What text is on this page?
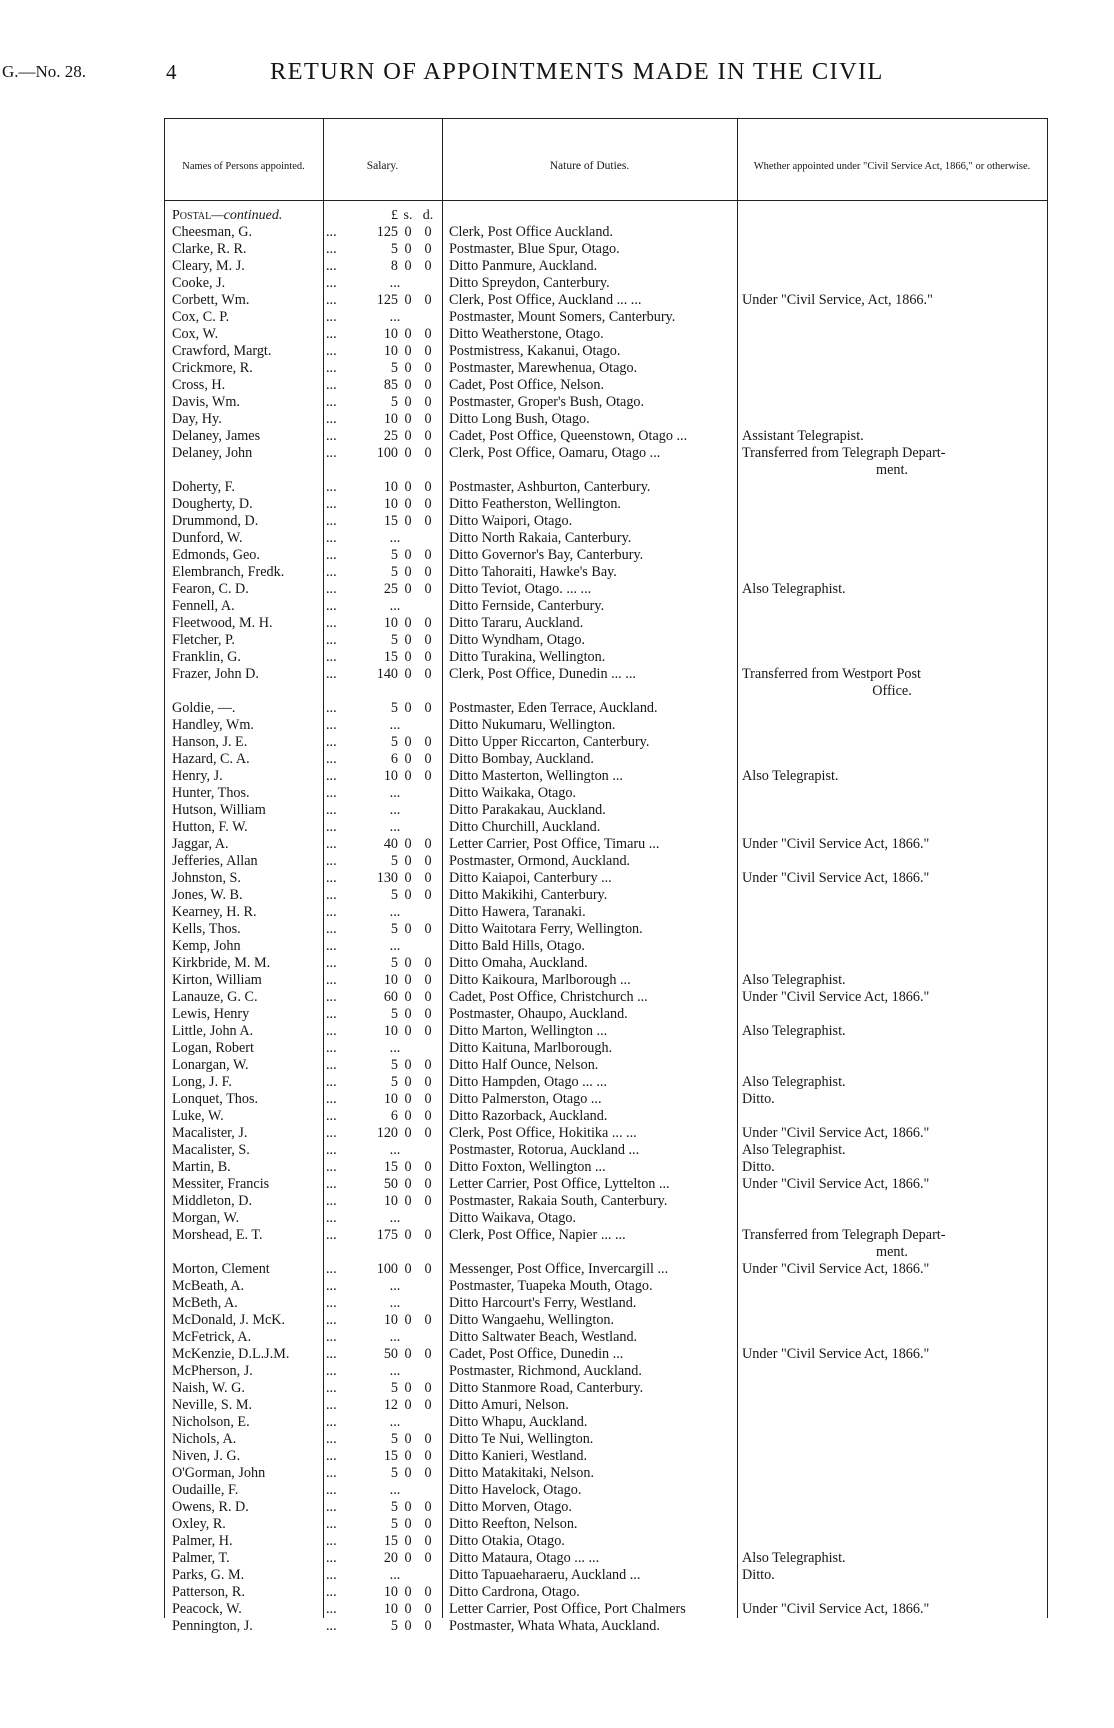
G.—No. 28.	4	RETURN OF APPOINTMENTS MADE IN THE CIVIL
Names of Persons appointed.	Salary.	Nature of Duties.	Whether appointed under "Civil Service Act, 1866," or otherwise.
Postal—continued.	£ s. d.
Cheesman, G.	...	125 0 0	Clerk, Post Office Auckland.
Clarke, R. R.	...	5 0 0	Postmaster, Blue Spur, Otago.
Cleary, M. J.	...	8 0 0	Ditto Panmure, Auckland.
Cooke, J.	...	...	Ditto Spreydon, Canterbury.
Corbett, Wm.	...	125 0 0	Clerk, Post Office, Auckland ... ...	Under "Civil Service, Act, 1866."
Cox, C. P.	...	...	Postmaster, Mount Somers, Canterbury.
Cox, W.	...	10 0 0	Ditto Weatherstone, Otago.
Crawford, Margt.	...	10 0 0	Postmistress, Kakanui, Otago.
Crickmore, R.	...	5 0 0	Postmaster, Marewhenua, Otago.
Cross, H.	...	85 0 0	Cadet, Post Office, Nelson.
Davis, Wm.	...	5 0 0	Postmaster, Groper's Bush, Otago.
Day, Hy.	...	10 0 0	Ditto Long Bush, Otago.
Delaney, James	...	25 0 0	Cadet, Post Office, Queenstown, Otago ...	Assistant Telegrapist.
Delaney, John	...	100 0 0	Clerk, Post Office, Oamaru, Otago ...	Transferred from Telegraph Depart-
ment.
Doherty, F.	...	10 0 0	Postmaster, Ashburton, Canterbury.
Dougherty, D.	...	10 0 0	Ditto Featherston, Wellington.
Drummond, D.	...	15 0 0	Ditto Waipori, Otago.
Dunford, W.	...	...	Ditto North Rakaia, Canterbury.
Edmonds, Geo.	...	5 0 0	Ditto Governor's Bay, Canterbury.
Elembranch, Fredk.	...	5 0 0	Ditto Tahoraiti, Hawke's Bay.
Fearon, C. D.	...	25 0 0	Ditto Teviot, Otago. ... ...	Also Telegraphist.
Fennell, A.	...	...	Ditto Fernside, Canterbury.
Fleetwood, M. H.	...	10 0 0	Ditto Tararu, Auckland.
Fletcher, P.	...	5 0 0	Ditto Wyndham, Otago.
Franklin, G.	...	15 0 0	Ditto Turakina, Wellington.
Frazer, John D.	...	140 0 0	Clerk, Post Office, Dunedin ... ...	Transferred from Westport Post
Office.
Goldie, —.	...	5 0 0	Postmaster, Eden Terrace, Auckland.
Handley, Wm.	...	...	Ditto Nukumaru, Wellington.
Hanson, J. E.	...	5 0 0	Ditto Upper Riccarton, Canterbury.
Hazard, C. A.	...	6 0 0	Ditto Bombay, Auckland.
Henry, J.	...	10 0 0	Ditto Masterton, Wellington ...	Also Telegrapist.
Hunter, Thos.	...	...	Ditto Waikaka, Otago.
Hutson, William	...	...	Ditto Parakakau, Auckland.
Hutton, F. W.	...	...	Ditto Churchill, Auckland.
Jaggar, A.	...	40 0 0	Letter Carrier, Post Office, Timaru ...	Under "Civil Service Act, 1866."
Jefferies, Allan	...	5 0 0	Postmaster, Ormond, Auckland.
Johnston, S.	...	130 0 0	Ditto Kaiapoi, Canterbury ...	Under "Civil Service Act, 1866."
Jones, W. B.	...	5 0 0	Ditto Makikihi, Canterbury.
Kearney, H. R.	...	...	Ditto Hawera, Taranaki.
Kells, Thos.	...	5 0 0	Ditto Waitotara Ferry, Wellington.
Kemp, John	...	...	Ditto Bald Hills, Otago.
Kirkbride, M. M.	...	5 0 0	Ditto Omaha, Auckland.
Kirton, William	...	10 0 0	Ditto Kaikoura, Marlborough ...	Also Telegraphist.
Lanauze, G. C.	...	60 0 0	Cadet, Post Office, Christchurch ...	Under "Civil Service Act, 1866."
Lewis, Henry	...	5 0 0	Postmaster, Ohaupo, Auckland.
Little, John A.	...	10 0 0	Ditto Marton, Wellington ...	Also Telegraphist.
Logan, Robert	...	...	Ditto Kaituna, Marlborough.
Lonargan, W.	...	5 0 0	Ditto Half Ounce, Nelson.
Long, J. F.	...	5 0 0	Ditto Hampden, Otago ... ...	Also Telegraphist.
Lonquet, Thos.	...	10 0 0	Ditto Palmerston, Otago ...	Ditto.
Luke, W.	...	6 0 0	Ditto Razorback, Auckland.
Macalister, J.	...	120 0 0	Clerk, Post Office, Hokitika ... ...	Under "Civil Service Act, 1866."
Macalister, S.	...	...	Postmaster, Rotorua, Auckland ...	Also Telegraphist.
Martin, B.	...	15 0 0	Ditto Foxton, Wellington ...	Ditto.
Messiter, Francis	...	50 0 0	Letter Carrier, Post Office, Lyttelton ...	Under "Civil Service Act, 1866."
Middleton, D.	...	10 0 0	Postmaster, Rakaia South, Canterbury.
Morgan, W.	...	...	Ditto Waikava, Otago.
Morshead, E. T.	...	175 0 0	Clerk, Post Office, Napier ... ...	Transferred from Telegraph Depart-
ment.
Morton, Clement	...	100 0 0	Messenger, Post Office, Invercargill ...	Under "Civil Service Act, 1866."
McBeath, A.	...	...	Postmaster, Tuapeka Mouth, Otago.
McBeth, A.	...	...	Ditto Harcourt's Ferry, Westland.
McDonald, J. McK.	...	10 0 0	Ditto Wangaehu, Wellington.
McFetrick, A.	...	...	Ditto Saltwater Beach, Westland.
McKenzie, D.L.J.M.	...	50 0 0	Cadet, Post Office, Dunedin ...	Under "Civil Service Act, 1866."
McPherson, J.	...	...	Postmaster, Richmond, Auckland.
Naish, W. G.	...	5 0 0	Ditto Stanmore Road, Canterbury.
Neville, S. M.	...	12 0 0	Ditto Amuri, Nelson.
Nicholson, E.	...	...	Ditto Whapu, Auckland.
Nichols, A.	...	5 0 0	Ditto Te Nui, Wellington.
Niven, J. G.	...	15 0 0	Ditto Kanieri, Westland.
O'Gorman, John	...	5 0 0	Ditto Matakitaki, Nelson.
Oudaille, F.	...	...	Ditto Havelock, Otago.
Owens, R. D.	...	5 0 0	Ditto Morven, Otago.
Oxley, R.	...	5 0 0	Ditto Reefton, Nelson.
Palmer, H.	...	15 0 0	Ditto Otakia, Otago.
Palmer, T.	...	20 0 0	Ditto Mataura, Otago ... ...	Also Telegraphist.
Parks, G. M.	...	...	Ditto Tapuaeharaeru, Auckland ...	Ditto.
Patterson, R.	...	10 0 0	Ditto Cardrona, Otago.
Peacock, W.	...	10 0 0	Letter Carrier, Post Office, Port Chalmers	Under "Civil Service Act, 1866."
Pennington, J.	...	5 0 0	Postmaster, Whata Whata, Auckland.
